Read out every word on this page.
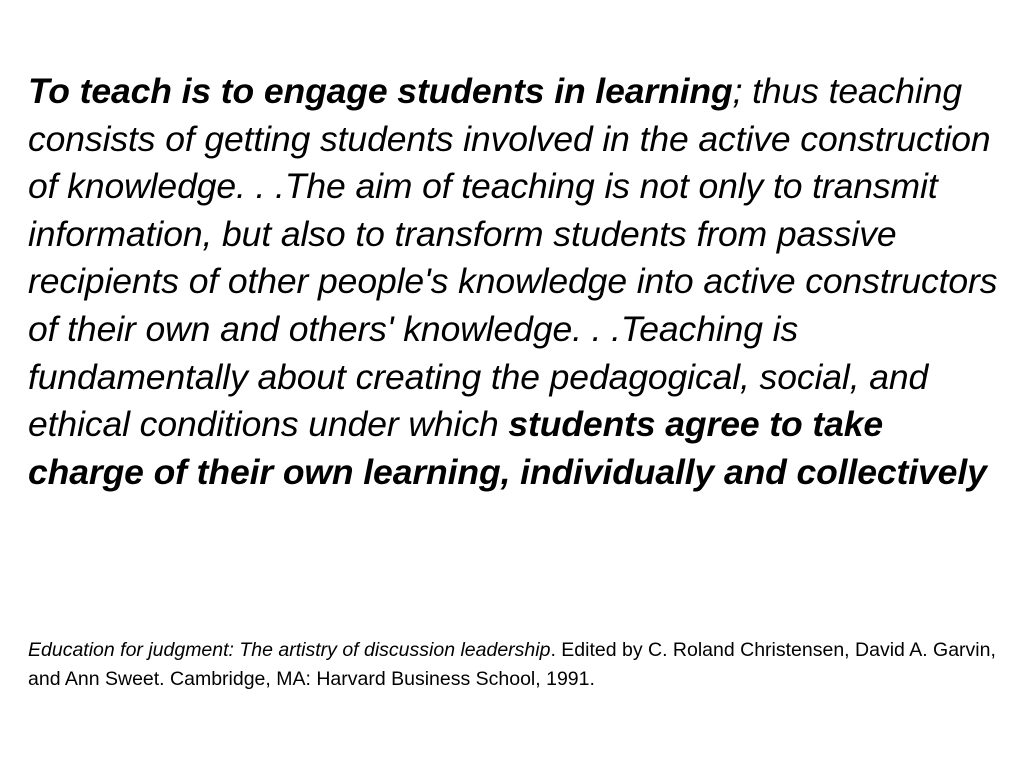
To teach is to engage students in learning; thus teaching consists of getting students involved in the active construction of knowledge. . .The aim of teaching is not only to transmit information, but also to transform students from passive recipients of other people's knowledge into active constructors of their own and others' knowledge. . .Teaching is fundamentally about creating the pedagogical, social, and ethical conditions under which students agree to take charge of their own learning, individually and collectively

Education for judgment: The artistry of discussion leadership. Edited by C. Roland Christensen, David A. Garvin, and Ann Sweet. Cambridge, MA: Harvard Business School, 1991.
